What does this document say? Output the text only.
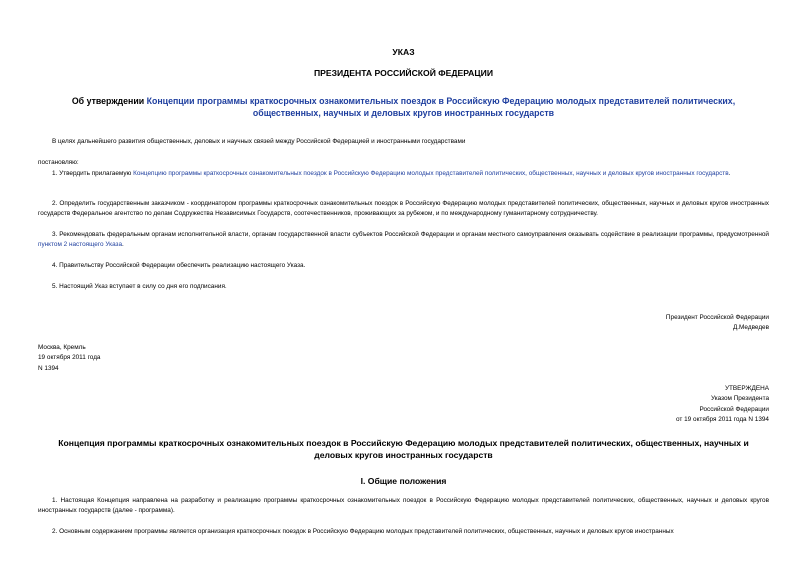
УКАЗ
ПРЕЗИДЕНТА РОССИЙСКОЙ ФЕДЕРАЦИИ
Об утверждении Концепции программы краткосрочных ознакомительных поездок в Российскую Федерацию молодых представителей политических, общественных, научных и деловых кругов иностранных государств
В целях дальнейшего развития общественных, деловых и научных связей между Российской Федерацией и иностранными государствами
постановляю:
1. Утвердить прилагаемую Концепцию программы краткосрочных ознакомительных поездок в Российскую Федерацию молодых представителей политических, общественных, научных и деловых кругов иностранных государств.
2. Определить государственным заказчиком - координатором программы краткосрочных ознакомительных поездок в Российскую Федерацию молодых представителей политических, общественных, научных и деловых кругов иностранных государств Федеральное агентство по делам Содружества Независимых Государств, соотечественников, проживающих за рубежом, и по международному гуманитарному сотрудничеству.
3. Рекомендовать федеральным органам исполнительной власти, органам государственной власти субъектов Российской Федерации и органам местного самоуправления оказывать содействие в реализации программы, предусмотренной пунктом 2 настоящего Указа.
4. Правительству Российской Федерации обеспечить реализацию настоящего Указа.
5. Настоящий Указ вступает в силу со дня его подписания.
Президент Российской Федерации
Д.Медведев
Москва, Кремль
19 октября 2011 года
N 1394
УТВЕРЖДЕНА
Указом Президента
Российской Федерации
от 19 октября 2011 года N 1394
Концепция программы краткосрочных ознакомительных поездок в Российскую Федерацию молодых представителей политических, общественных, научных и деловых кругов иностранных государств
I. Общие положения
1. Настоящая Концепция направлена на разработку и реализацию программы краткосрочных ознакомительных поездок в Российскую Федерацию молодых представителей политических, общественных, научных и деловых кругов иностранных государств (далее - программа).
2. Основным содержанием программы является организация краткосрочных поездок в Российскую Федерацию молодых представителей политических, общественных, научных и деловых кругов иностранных
